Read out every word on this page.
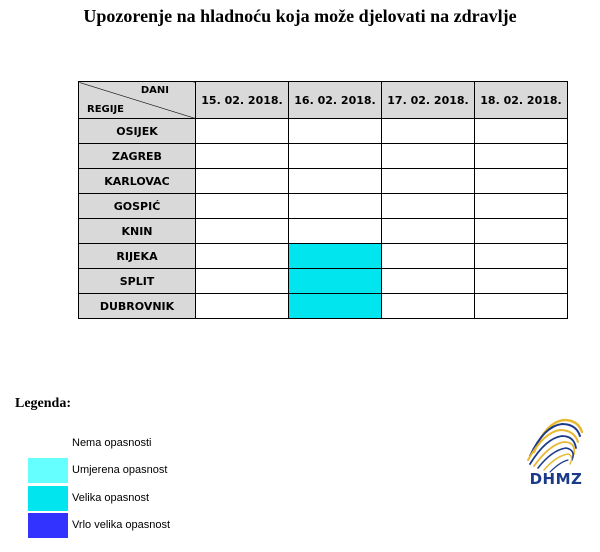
Upozorenje na hladnoću koja može djelovati na zdravlje
DANI
REGIJE	15. 02. 2018.	16. 02. 2018.	17. 02. 2018.	18. 02. 2018.
OSIJEK				
ZAGREB				
KARLOVAC				
GOSPIĆ				
KNIN				
RIJEKA				
SPLIT				
DUBROVNIK				
Legenda:
Nema opasnosti
Umjerena opasnost
Velika opasnost
Vrlo velika opasnost
DHMZ
